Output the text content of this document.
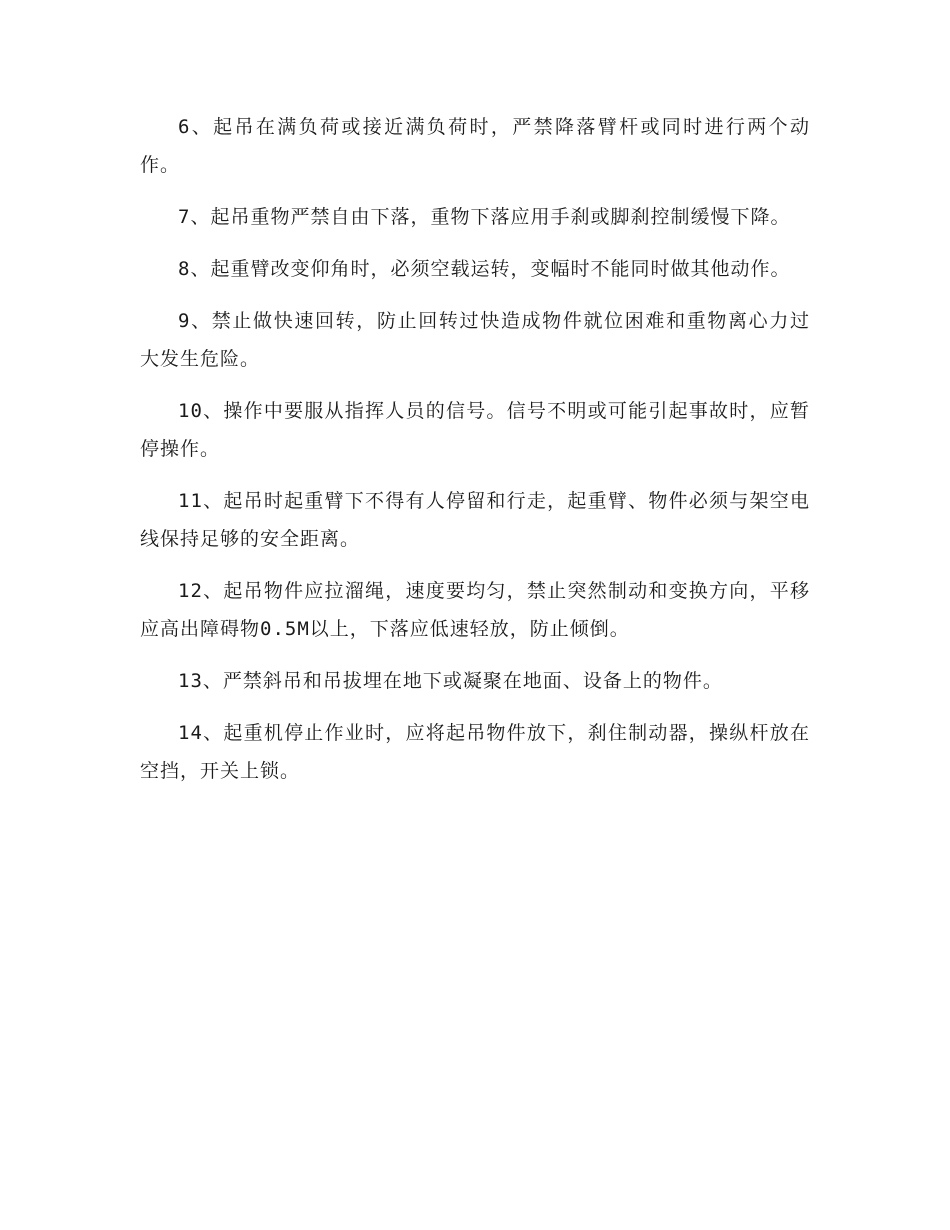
6、起吊在满负荷或接近满负荷时，严禁降落臂杆或同时进行两个动作。

7、起吊重物严禁自由下落，重物下落应用手刹或脚刹控制缓慢下降。

8、起重臂改变仰角时，必须空载运转，变幅时不能同时做其他动作。

9、禁止做快速回转，防止回转过快造成物件就位困难和重物离心力过大发生危险。

10、操作中要服从指挥人员的信号。信号不明或可能引起事故时，应暂停操作。

11、起吊时起重臂下不得有人停留和行走，起重臂、物件必须与架空电线保持足够的安全距离。

12、起吊物件应拉溜绳，速度要均匀，禁止突然制动和变换方向，平移应高出障碍物0.5M以上，下落应低速轻放，防止倾倒。

13、严禁斜吊和吊拔埋在地下或凝聚在地面、设备上的物件。

14、起重机停止作业时，应将起吊物件放下，刹住制动器，操纵杆放在空挡，开关上锁。
